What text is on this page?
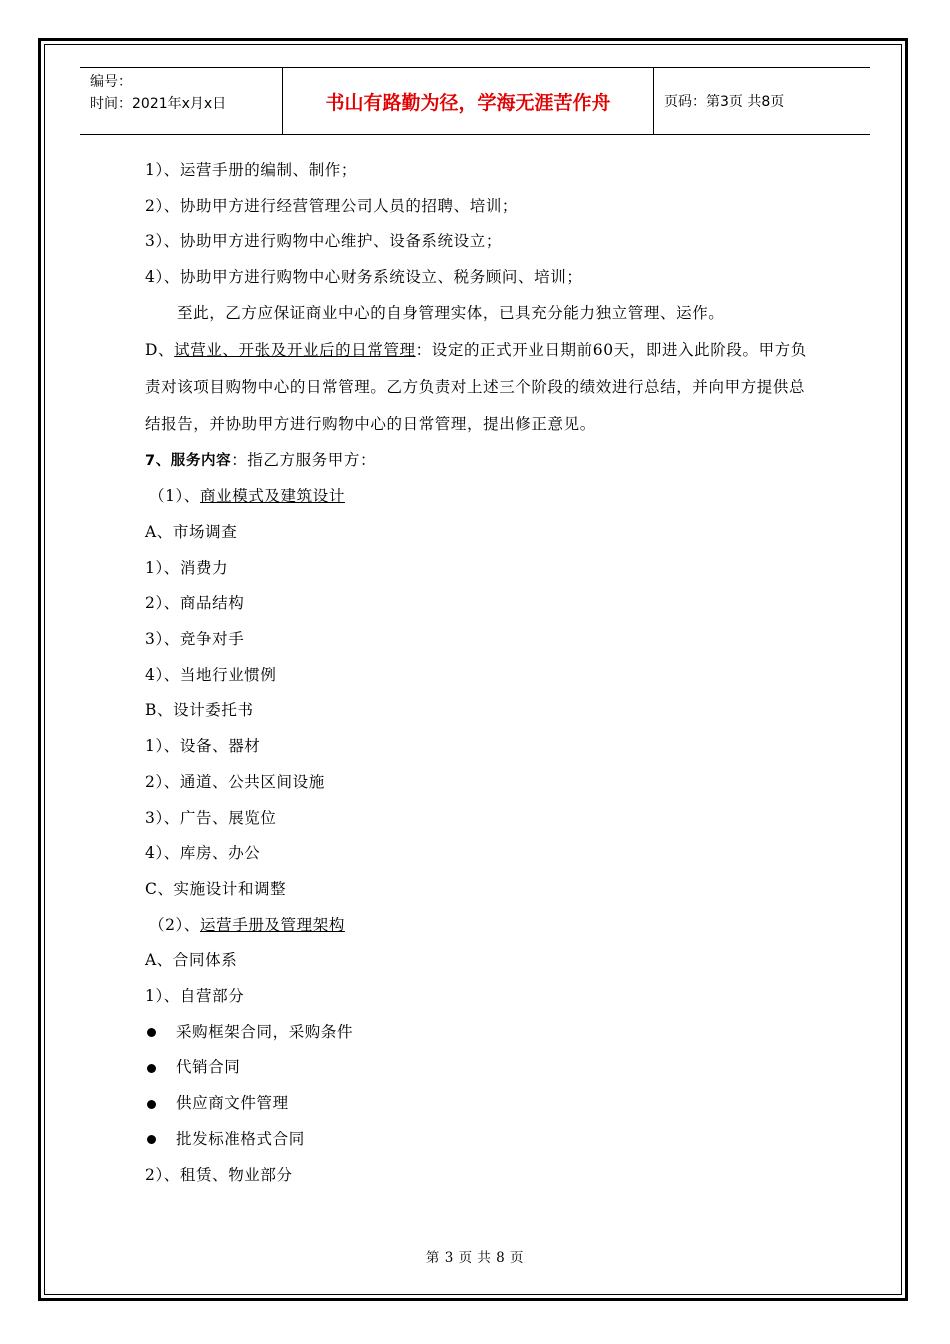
编号：
时间：2021年x月x日	书山有路勤为径，学海无涯苦作舟	页码：第3页 共8页
1）、运营手册的编制、制作；
2）、协助甲方进行经营管理公司人员的招聘、培训；
3）、协助甲方进行购物中心维护、设备系统设立；
4）、协助甲方进行购物中心财务系统设立、税务顾问、培训；
至此，乙方应保证商业中心的自身管理实体，已具充分能力独立管理、运作。
D、试营业、开张及开业后的日常管理：设定的正式开业日期前60天，即进入此阶段。甲方负责对该项目购物中心的日常管理。乙方负责对上述三个阶段的绩效进行总结，并向甲方提供总结报告，并协助甲方进行购物中心的日常管理，提出修正意见。
7、服务内容：指乙方服务甲方：
（1）、商业模式及建筑设计
A、市场调查
1）、消费力
2）、商品结构
3）、竞争对手
4）、当地行业惯例
B、设计委托书
1）、设备、器材
2）、通道、公共区间设施
3）、广告、展览位
4）、库房、办公
C、实施设计和调整
（2）、运营手册及管理架构
A、合同体系
1）、自营部分
采购框架合同，采购条件
代销合同
供应商文件管理
批发标准格式合同
2）、租赁、物业部分
第 3 页 共 8 页
